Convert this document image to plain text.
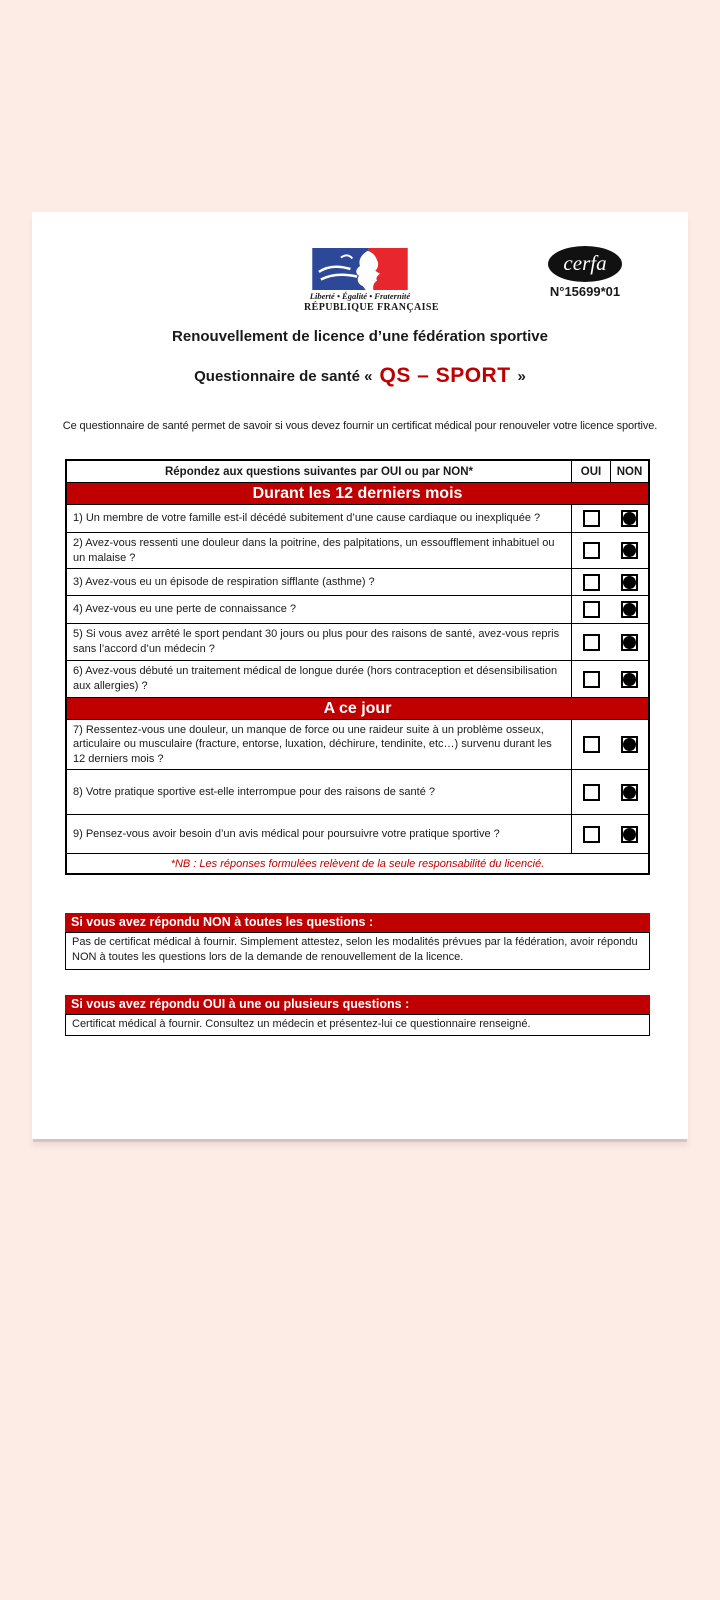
Liberté • Égalité • Fraternité
RÉPUBLIQUE FRANÇAISE
cerfa
N°15699*01
Renouvellement de licence d’une fédération sportive
Questionnaire de santé « QS – SPORT »
Ce questionnaire de santé permet de savoir si vous devez fournir un certificat médical pour renouveler votre licence sportive.
Répondez aux questions suivantes par OUI ou par NON*	OUI	NON
Durant les 12 derniers mois
1) Un membre de votre famille est-il décédé subitement d’une cause cardiaque ou inexpliquée ?
2) Avez-vous ressenti une douleur dans la poitrine, des palpitations, un essoufflement inhabituel ou un malaise ?
3) Avez-vous eu un épisode de respiration sifflante (asthme) ?
4) Avez-vous eu une perte de connaissance ?
5) Si vous avez arrêté le sport pendant 30 jours ou plus pour des raisons de santé, avez-vous repris sans l’accord d’un médecin ?
6) Avez-vous débuté un traitement médical de longue durée (hors contraception et désensibilisation aux allergies) ?
A ce jour
7) Ressentez-vous une douleur, un manque de force ou une raideur suite à un problème osseux, articulaire ou musculaire (fracture, entorse, luxation, déchirure, tendinite, etc…) survenu durant les 12 derniers mois ?
8) Votre pratique sportive est-elle interrompue pour des raisons de santé ?
9) Pensez-vous avoir besoin d’un avis médical pour poursuivre votre pratique sportive ?
*NB : Les réponses formulées relèvent de la seule responsabilité du licencié.
Si vous avez répondu NON à toutes les questions :
Pas de certificat médical à fournir. Simplement attestez, selon les modalités prévues par la fédération, avoir répondu NON à toutes les questions lors de la demande de renouvellement de la licence.
Si vous avez répondu OUI à une ou plusieurs questions :
Certificat médical à fournir. Consultez un médecin et présentez-lui ce questionnaire renseigné.
